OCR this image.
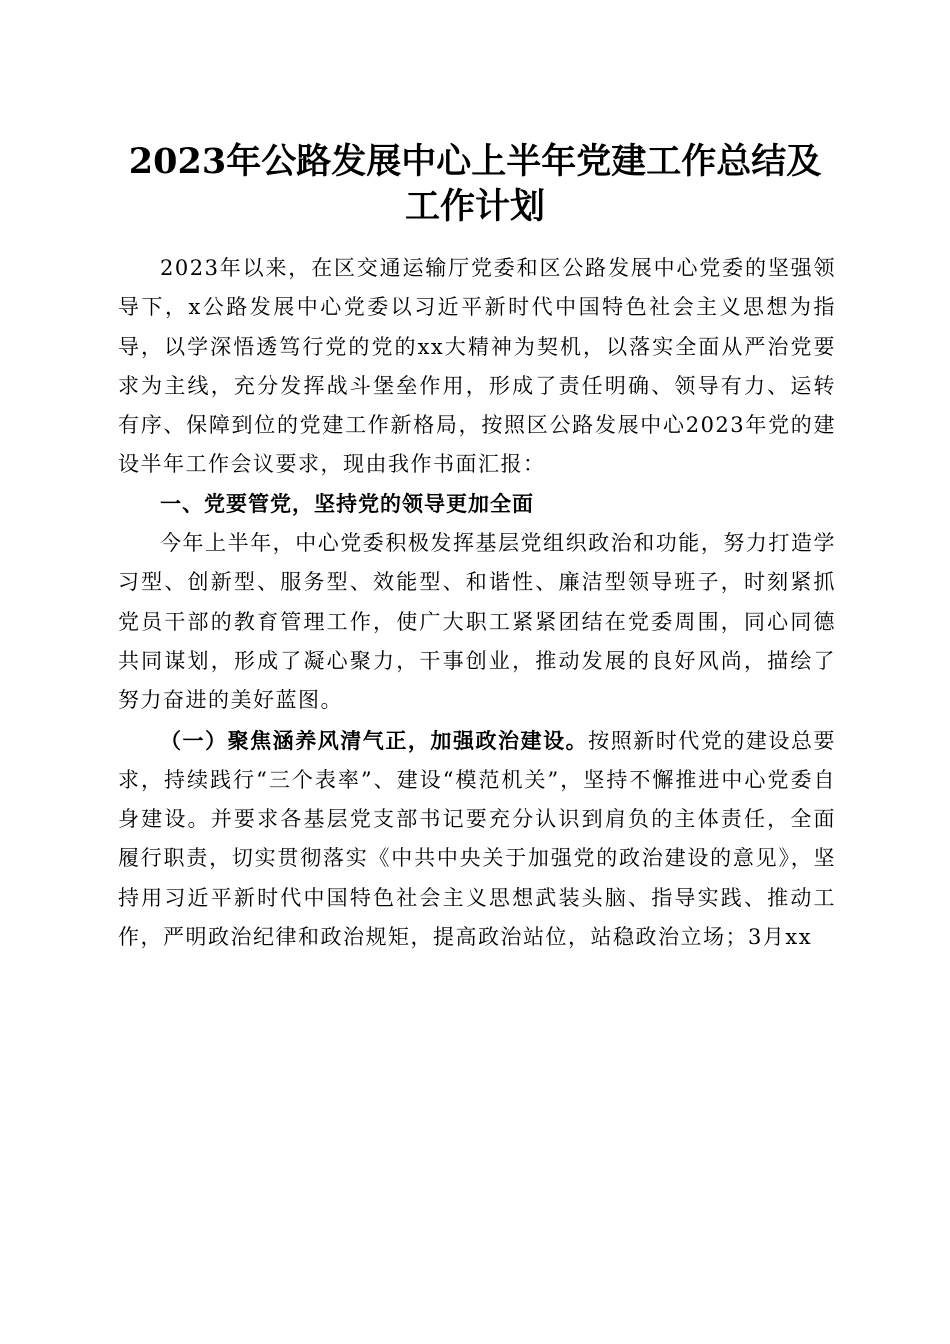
2023年公路发展中心上半年党建工作总结及
工作计划

2023年以来，在区交通运输厅党委和区公路发展中心党委的坚强领导下，x公路发展中心党委以习近平新时代中国特色社会主义思想为指导，以学深悟透笃行党的党的xx大精神为契机，以落实全面从严治党要求为主线，充分发挥战斗堡垒作用，形成了责任明确、领导有力、运转有序、保障到位的党建工作新格局，按照区公路发展中心2023年党的建设半年工作会议要求，现由我作书面汇报：

一、党要管党，坚持党的领导更加全面

今年上半年，中心党委积极发挥基层党组织政治和功能，努力打造学习型、创新型、服务型、效能型、和谐性、廉洁型领导班子，时刻紧抓党员干部的教育管理工作，使广大职工紧紧团结在党委周围，同心同德共同谋划，形成了凝心聚力，干事创业，推动发展的良好风尚，描绘了努力奋进的美好蓝图。

（一）聚焦涵养风清气正，加强政治建设。按照新时代党的建设总要求，持续践行“三个表率”、建设“模范机关”，坚持不懈推进中心党委自身建设。并要求各基层党支部书记要充分认识到肩负的主体责任，全面履行职责，切实贯彻落实《中共中央关于加强党的政治建设的意见》，坚持用习近平新时代中国特色社会主义思想武装头脑、指导实践、推动工作，严明政治纪律和政治规矩，提高政治站位，站稳政治立场；3月xx
